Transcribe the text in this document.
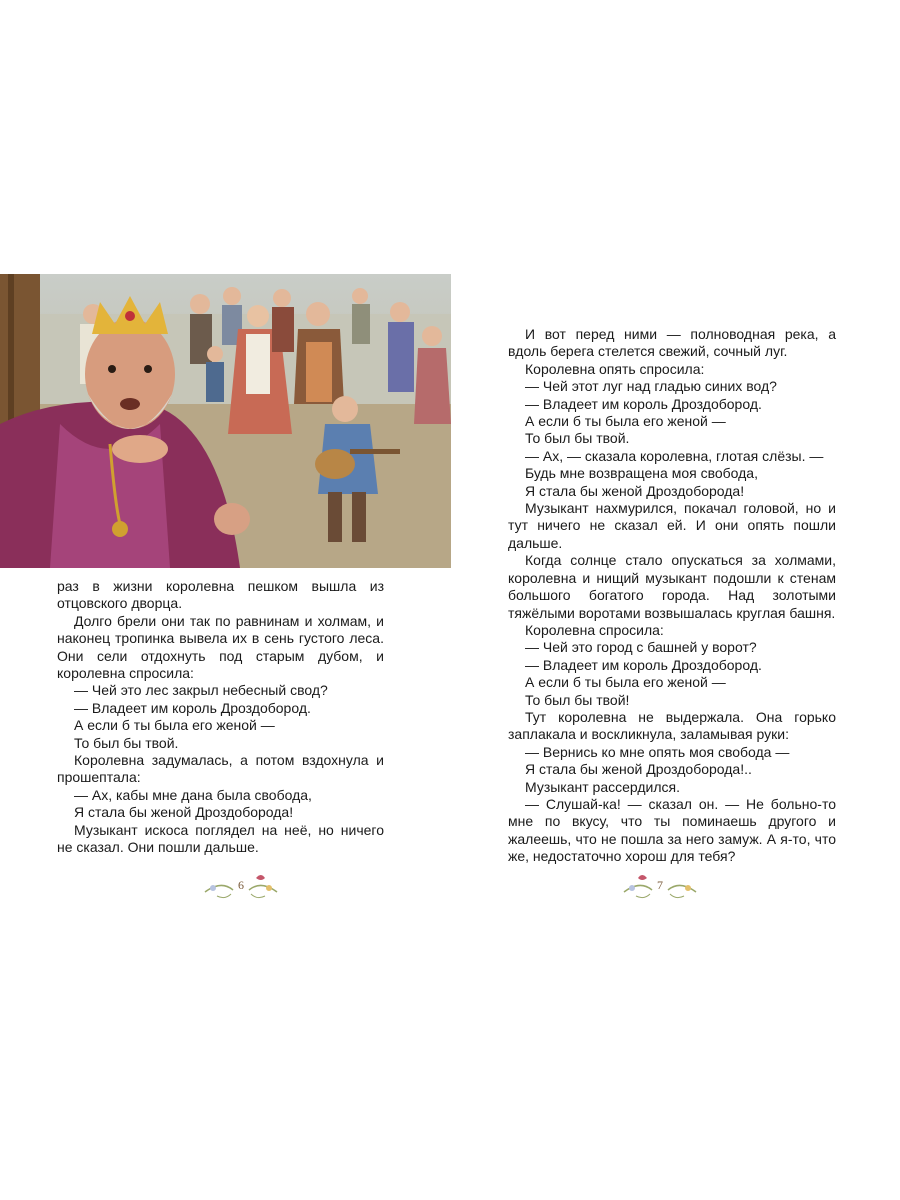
раз в жизни королевна пешком вышла из отцовского дворца.

Долго брели они так по равнинам и холмам, и наконец тропинка вывела их в сень густого леса. Они сели отдохнуть под старым дубом, и королевна спросила:

— Чей это лес закрыл небесный свод?

— Владеет им король Дроздобород.

А если б ты была его женой —

То был бы твой.

Королевна задумалась, а потом вздохнула и прошептала:

— Ах, кабы мне дана была свобода,

Я стала бы женой Дроздоборода!

Музыкант искоса поглядел на неё, но ничего не сказал. Они пошли дальше.

И вот перед ними — полноводная река, а вдоль берега стелется свежий, сочный луг.

Королевна опять спросила:

— Чей этот луг над гладью синих вод?

— Владеет им король Дроздобород.

А если б ты была его женой —

То был бы твой.

— Ах, — сказала королевна, глотая слёзы. —

Будь мне возвращена моя свобода,

Я стала бы женой Дроздоборода!

Музыкант нахмурился, покачал головой, но и тут ничего не сказал ей. И они опять пошли дальше.

Когда солнце стало опускаться за холмами, королевна и нищий музыкант подошли к стенам большого богатого города. Над золотыми тяжёлыми воротами возвышалась круглая башня.

Королевна спросила:

— Чей это город с башней у ворот?

— Владеет им король Дроздобород.

А если б ты была его женой —

То был бы твой!

Тут королевна не выдержала. Она горько заплакала и воскликнула, заламывая руки:

— Вернись ко мне опять моя свобода —

Я стала бы женой Дроздоборода!..

Музыкант рассердился.

— Слушай-ка! — сказал он. — Не больно-то мне по вкусу, что ты поминаешь другого и жалеешь, что не пошла за него замуж. А я-то, что же, недостаточно хорош для тебя?

6	7
